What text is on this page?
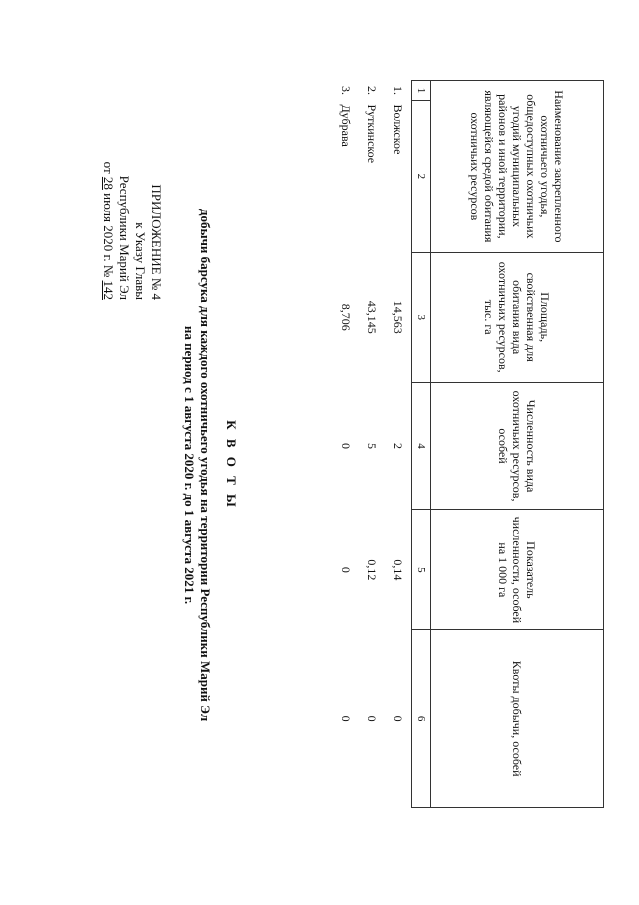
ПРИЛОЖЕНИЕ № 4
к Указу Главы
Республики Марий Эл
от 28 июля 2020 г. № 142
К В О Т Ы
добычи барсука для каждого охотничьего угодья на территории Республики Марий Эл
на период с 1 августа 2020 г. до 1 августа 2021 г.
Наименование закрепленного охотничьего угодья, общедоступных охотничьих угодий муниципальных районов и иной территории, являющейся средой обитания охотничьих ресурсов		Площадь, свойственная для обитания вида охотничьих ресурсов, тыс. га	Численность вида охотничьих ресурсов, особей	Показатель численности, особей на 1 000 га	Квоты добычи, особей
1	2	3	4	5	6
1.	Волжское	14,563	2	0,14	0
2.	Руткинское	43,145	5	0,12	0
3.	Дубрава	8,706	0	0	0
